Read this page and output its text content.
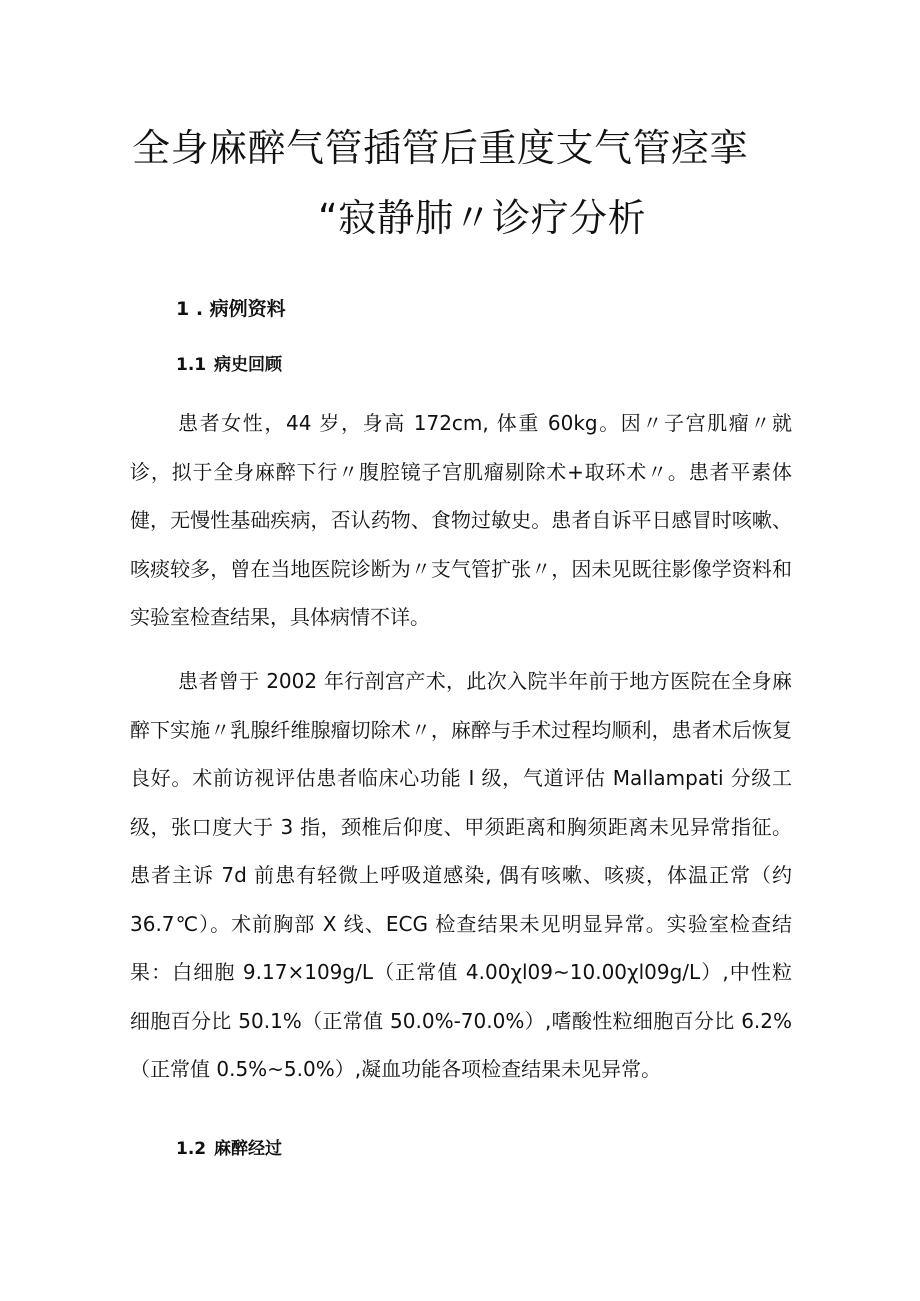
全身麻醉气管插管后重度支气管痉挛
“寂静肺〃诊疗分析
1 . 病例资料
1.1 病史回顾

患者女性，44 岁，身高 172cm, 体重 60kg。因〃子宫肌瘤〃就诊，拟于全身麻醉下行〃腹腔镜子宫肌瘤剔除术+取环术〃。患者平素体健，无慢性基础疾病，否认药物、食物过敏史。患者自诉平日感冒时咳嗽、咳痰较多，曾在当地医院诊断为〃支气管扩张〃，因未见既往影像学资料和实验室检查结果，具体病情不详。

患者曾于 2002 年行剖宫产术，此次入院半年前于地方医院在全身麻醉下实施〃乳腺纤维腺瘤切除术〃，麻醉与手术过程均顺利，患者术后恢复良好。术前访视评估患者临床心功能 I 级，气道评估 Mallampati 分级工级，张口度大于 3 指，颈椎后仰度、甲须距离和胸须距离未见异常指征。患者主诉 7d 前患有轻微上呼吸道感染, 偶有咳嗽、咳痰，体温正常（约 36.7℃）。术前胸部 X 线、ECG 检查结果未见明显异常。实验室检查结果：白细胞 9.17×109g/L（正常值 4.00χl09~10.00χl09g/L）,中性粒细胞百分比 50.1%（正常值 50.0%-70.0%）,嗜酸性粒细胞百分比 6.2%（正常值 0.5%~5.0%）,凝血功能各项检查结果未见异常。

1.2 麻醉经过
